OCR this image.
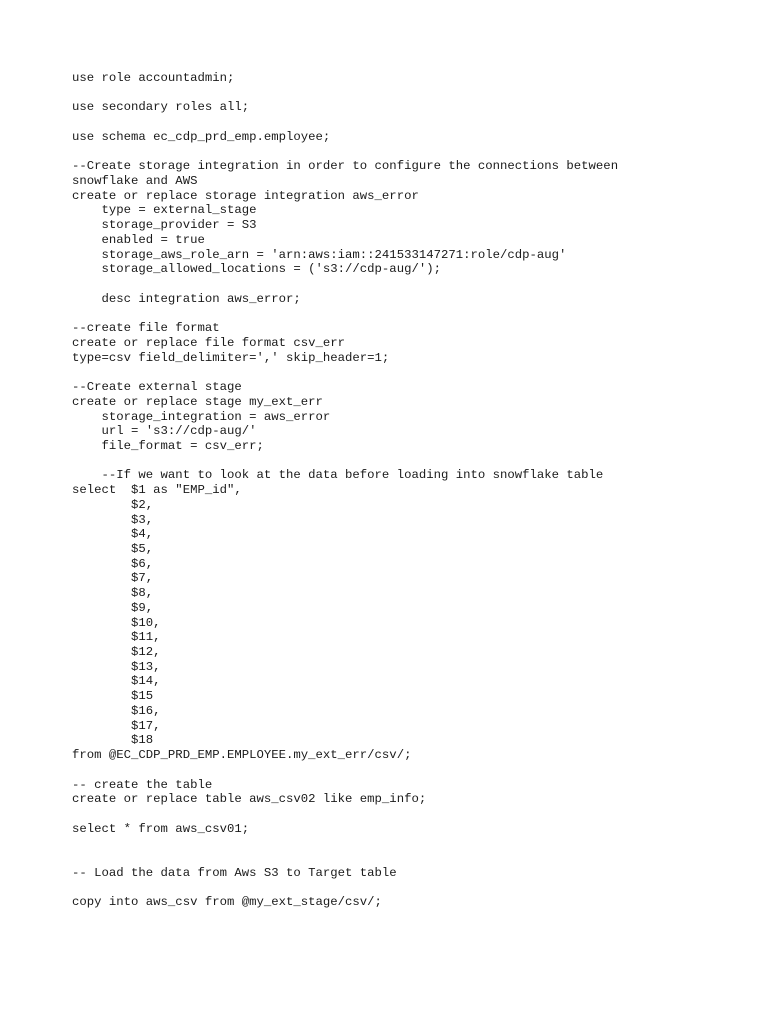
use role accountadmin;
use secondary roles all;
use schema ec_cdp_prd_emp.employee;
--Create storage integration in order to configure the connections between
snowflake and AWS
create or replace storage integration aws_error
type = external_stage
storage_provider = S3
enabled = true
storage_aws_role_arn = 'arn:aws:iam::241533147271:role/cdp-aug'
storage_allowed_locations = ('s3://cdp-aug/');
desc integration aws_error;
--create file format
create or replace file format csv_err
type=csv field_delimiter=',' skip_header=1;
--Create external stage
create or replace stage my_ext_err
storage_integration = aws_error
url = 's3://cdp-aug/'
file_format = csv_err;
--If we want to look at the data before loading into snowflake table
select  $1 as "EMP_id",
$2,
$3,
$4,
$5,
$6,
$7,
$8,
$9,
$10,
$11,
$12,
$13,
$14,
$15
$16,
$17,
$18
from @EC_CDP_PRD_EMP.EMPLOYEE.my_ext_err/csv/;
-- create the table
create or replace table aws_csv02 like emp_info;
select * from aws_csv01;
-- Load the data from Aws S3 to Target table
copy into aws_csv from @my_ext_stage/csv/;
